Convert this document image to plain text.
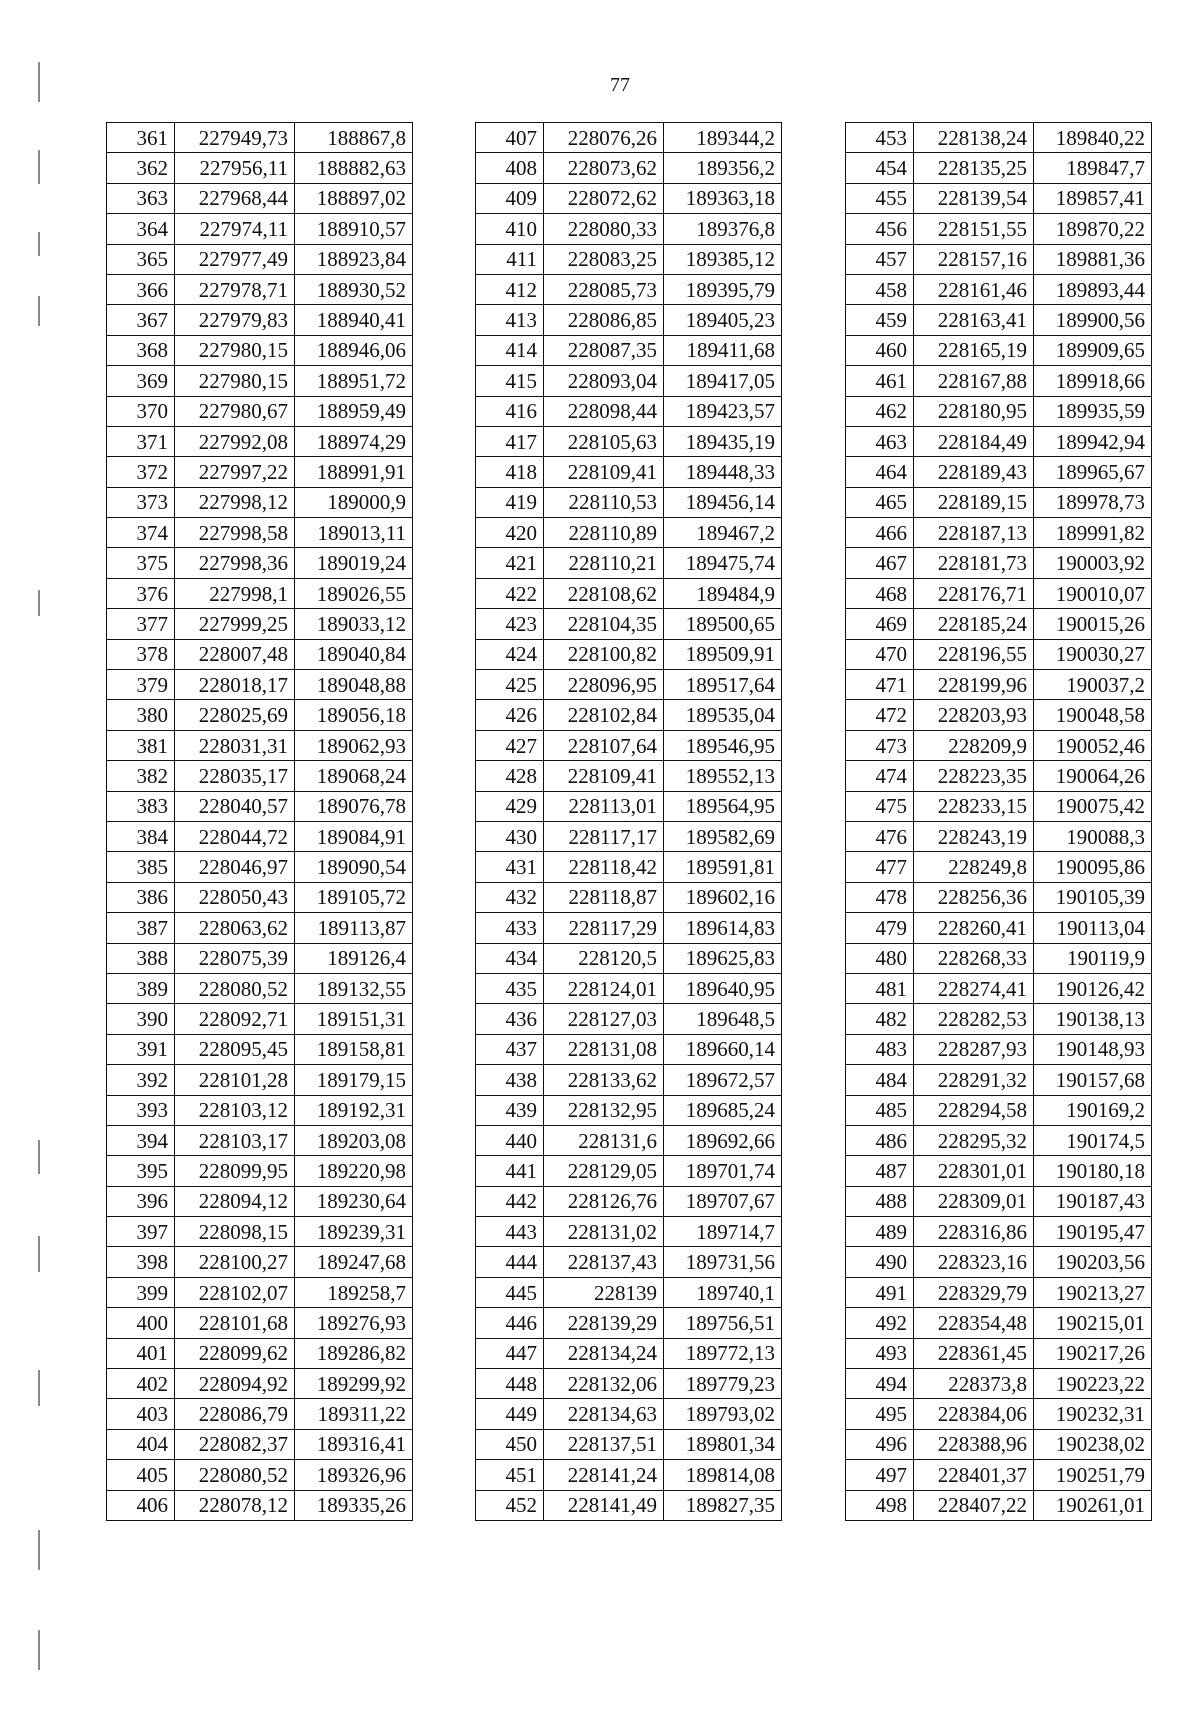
77
361	227949,73	188867,8
362	227956,11	188882,63
363	227968,44	188897,02
364	227974,11	188910,57
365	227977,49	188923,84
366	227978,71	188930,52
367	227979,83	188940,41
368	227980,15	188946,06
369	227980,15	188951,72
370	227980,67	188959,49
371	227992,08	188974,29
372	227997,22	188991,91
373	227998,12	189000,9
374	227998,58	189013,11
375	227998,36	189019,24
376	227998,1	189026,55
377	227999,25	189033,12
378	228007,48	189040,84
379	228018,17	189048,88
380	228025,69	189056,18
381	228031,31	189062,93
382	228035,17	189068,24
383	228040,57	189076,78
384	228044,72	189084,91
385	228046,97	189090,54
386	228050,43	189105,72
387	228063,62	189113,87
388	228075,39	189126,4
389	228080,52	189132,55
390	228092,71	189151,31
391	228095,45	189158,81
392	228101,28	189179,15
393	228103,12	189192,31
394	228103,17	189203,08
395	228099,95	189220,98
396	228094,12	189230,64
397	228098,15	189239,31
398	228100,27	189247,68
399	228102,07	189258,7
400	228101,68	189276,93
401	228099,62	189286,82
402	228094,92	189299,92
403	228086,79	189311,22
404	228082,37	189316,41
405	228080,52	189326,96
406	228078,12	189335,26
407	228076,26	189344,2
408	228073,62	189356,2
409	228072,62	189363,18
410	228080,33	189376,8
411	228083,25	189385,12
412	228085,73	189395,79
413	228086,85	189405,23
414	228087,35	189411,68
415	228093,04	189417,05
416	228098,44	189423,57
417	228105,63	189435,19
418	228109,41	189448,33
419	228110,53	189456,14
420	228110,89	189467,2
421	228110,21	189475,74
422	228108,62	189484,9
423	228104,35	189500,65
424	228100,82	189509,91
425	228096,95	189517,64
426	228102,84	189535,04
427	228107,64	189546,95
428	228109,41	189552,13
429	228113,01	189564,95
430	228117,17	189582,69
431	228118,42	189591,81
432	228118,87	189602,16
433	228117,29	189614,83
434	228120,5	189625,83
435	228124,01	189640,95
436	228127,03	189648,5
437	228131,08	189660,14
438	228133,62	189672,57
439	228132,95	189685,24
440	228131,6	189692,66
441	228129,05	189701,74
442	228126,76	189707,67
443	228131,02	189714,7
444	228137,43	189731,56
445	228139	189740,1
446	228139,29	189756,51
447	228134,24	189772,13
448	228132,06	189779,23
449	228134,63	189793,02
450	228137,51	189801,34
451	228141,24	189814,08
452	228141,49	189827,35
453	228138,24	189840,22
454	228135,25	189847,7
455	228139,54	189857,41
456	228151,55	189870,22
457	228157,16	189881,36
458	228161,46	189893,44
459	228163,41	189900,56
460	228165,19	189909,65
461	228167,88	189918,66
462	228180,95	189935,59
463	228184,49	189942,94
464	228189,43	189965,67
465	228189,15	189978,73
466	228187,13	189991,82
467	228181,73	190003,92
468	228176,71	190010,07
469	228185,24	190015,26
470	228196,55	190030,27
471	228199,96	190037,2
472	228203,93	190048,58
473	228209,9	190052,46
474	228223,35	190064,26
475	228233,15	190075,42
476	228243,19	190088,3
477	228249,8	190095,86
478	228256,36	190105,39
479	228260,41	190113,04
480	228268,33	190119,9
481	228274,41	190126,42
482	228282,53	190138,13
483	228287,93	190148,93
484	228291,32	190157,68
485	228294,58	190169,2
486	228295,32	190174,5
487	228301,01	190180,18
488	228309,01	190187,43
489	228316,86	190195,47
490	228323,16	190203,56
491	228329,79	190213,27
492	228354,48	190215,01
493	228361,45	190217,26
494	228373,8	190223,22
495	228384,06	190232,31
496	228388,96	190238,02
497	228401,37	190251,79
498	228407,22	190261,01
